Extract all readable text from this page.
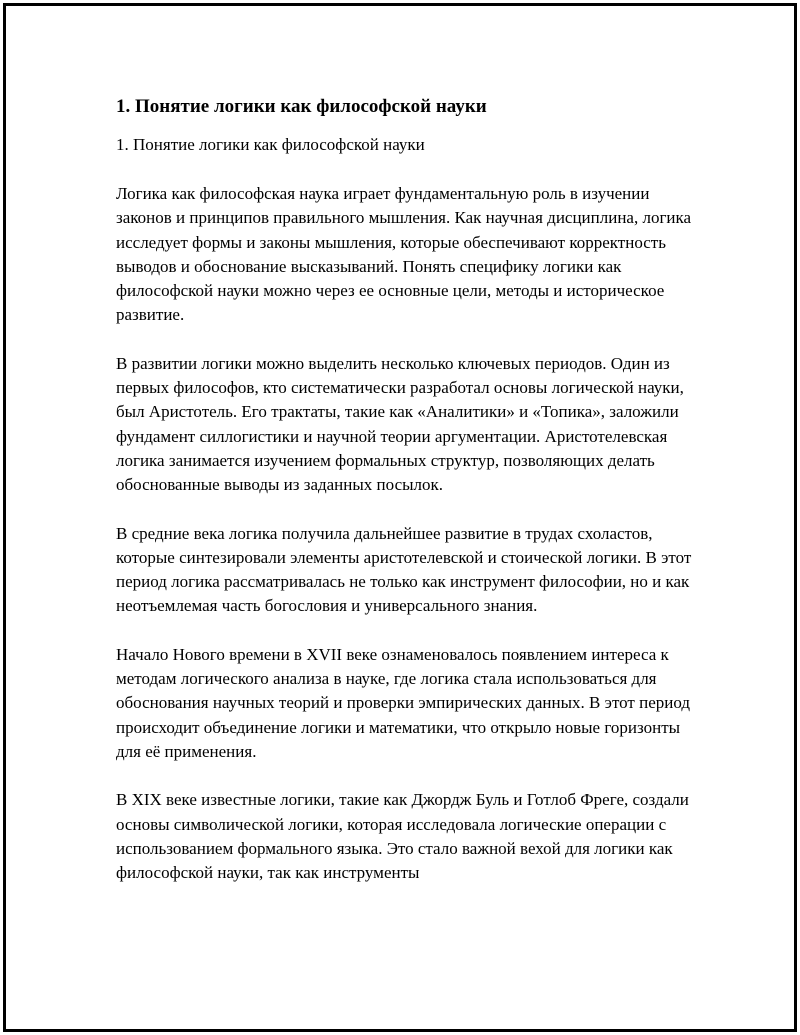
1. Понятие логики как философской науки
1. Понятие логики как философской науки

Логика как философская наука играет фундаментальную роль в изучении законов и принципов правильного мышления. Как научная дисциплина, логика исследует формы и законы мышления, которые обеспечивают корректность выводов и обоснование высказываний. Понять специфику логики как философской науки можно через ее основные цели, методы и историческое развитие.

В развитии логики можно выделить несколько ключевых периодов. Один из первых философов, кто систематически разработал основы логической науки, был Аристотель. Его трактаты, такие как «Аналитики» и «Топика», заложили фундамент силлогистики и научной теории аргументации. Аристотелевская логика занимается изучением формальных структур, позволяющих делать обоснованные выводы из заданных посылок.

В средние века логика получила дальнейшее развитие в трудах схоластов, которые синтезировали элементы аристотелевской и стоической логики. В этот период логика рассматривалась не только как инструмент философии, но и как неотъемлемая часть богословия и универсального знания.

Начало Нового времени в XVII веке ознаменовалось появлением интереса к методам логического анализа в науке, где логика стала использоваться для обоснования научных теорий и проверки эмпирических данных. В этот период происходит объединение логики и математики, что открыло новые горизонты для её применения.

В XIX веке известные логики, такие как Джордж Буль и Готлоб Фреге, создали основы символической логики, которая исследовала логические операции с использованием формального языка. Это стало важной вехой для логики как философской науки, так как инструменты
